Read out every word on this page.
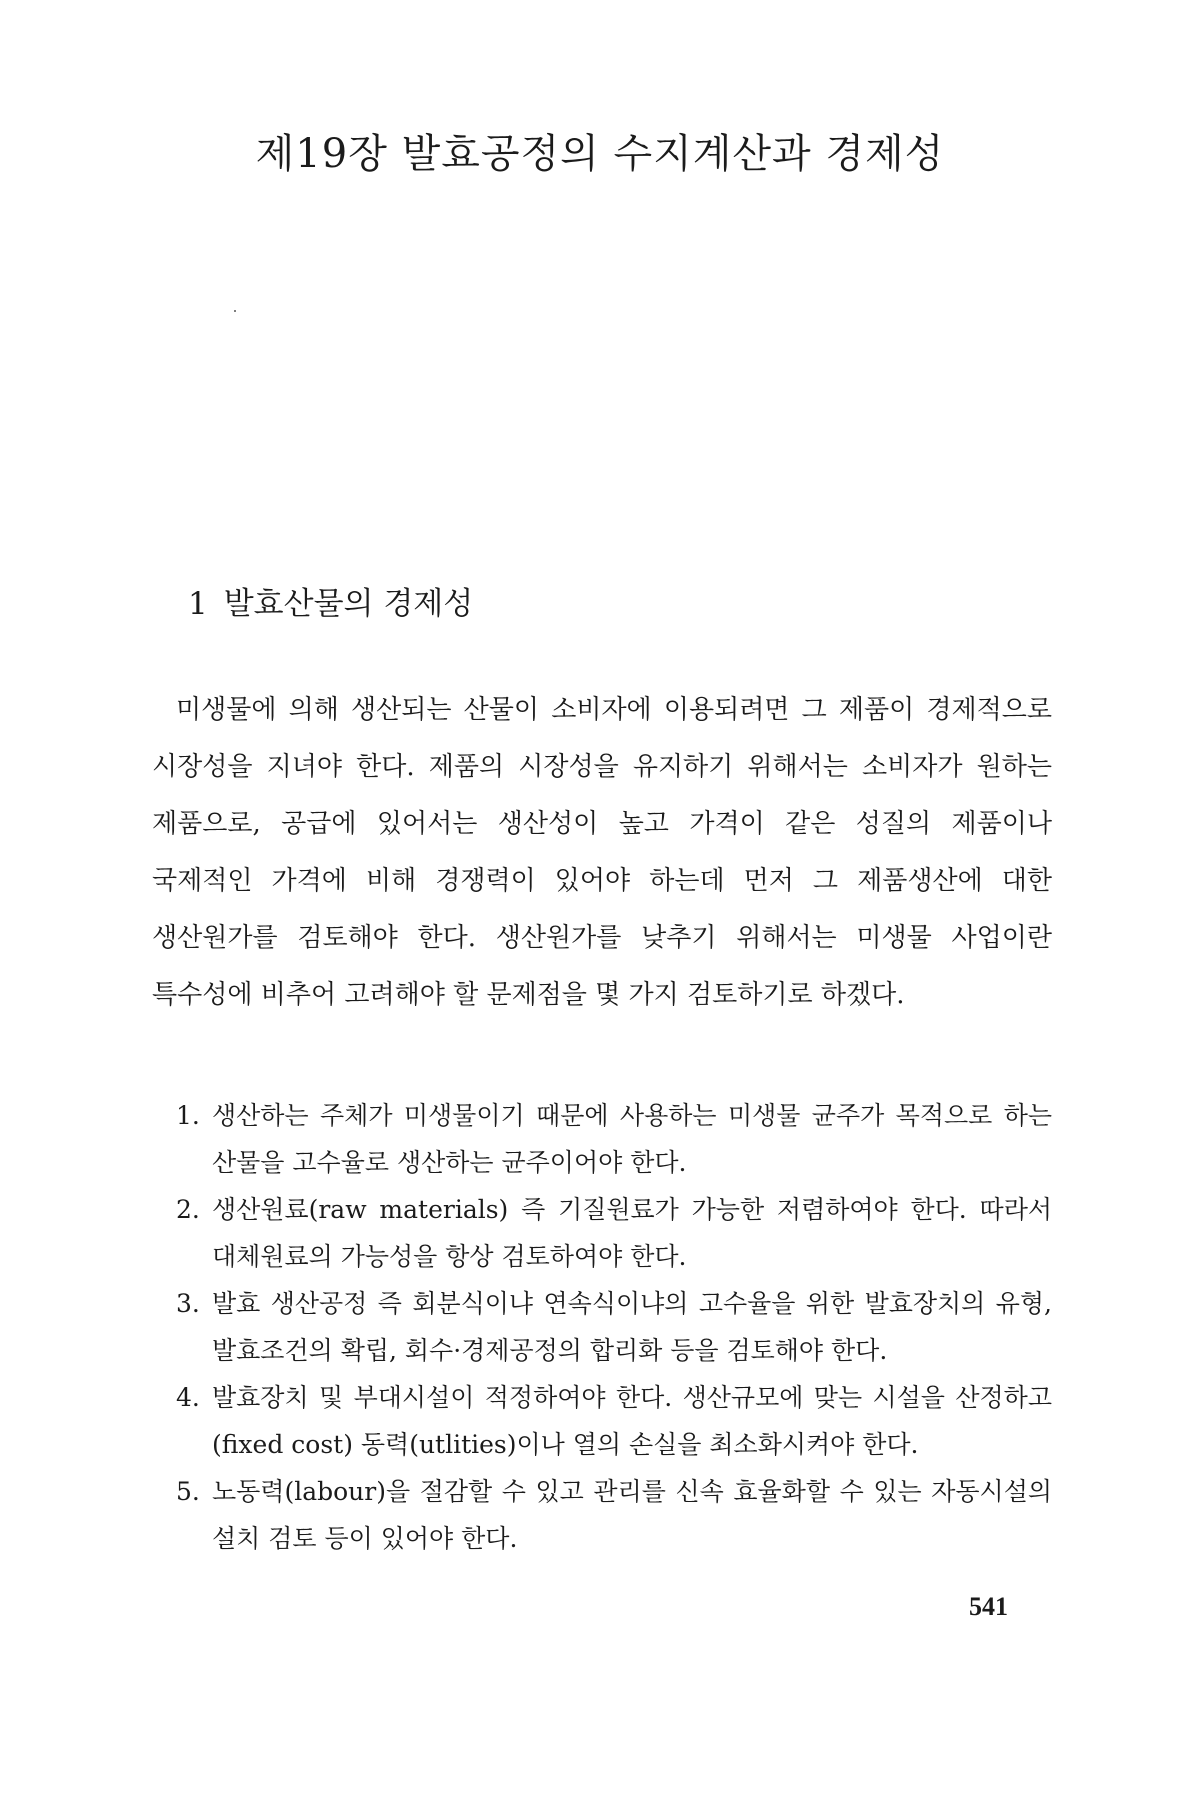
제19장 발효공정의 수지계산과 경제성
1 발효산물의 경제성

미생물에 의해 생산되는 산물이 소비자에 이용되려면 그 제품이 경제적으로 시장성을 지녀야 한다. 제품의 시장성을 유지하기 위해서는 소비자가 원하는 제품으로, 공급에 있어서는 생산성이 높고 가격이 같은 성질의 제품이나 국제적인 가격에 비해 경쟁력이 있어야 하는데 먼저 그 제품생산에 대한 생산원가를 검토해야 한다. 생산원가를 낮추기 위해서는 미생물 사업이란 특수성에 비추어 고려해야 할 문제점을 몇 가지 검토하기로 하겠다.

1. 생산하는 주체가 미생물이기 때문에 사용하는 미생물 균주가 목적으로 하는 산물을 고수율로 생산하는 균주이어야 한다.
2. 생산원료(raw materials) 즉 기질원료가 가능한 저렴하여야 한다. 따라서 대체원료의 가능성을 항상 검토하여야 한다.
3. 발효 생산공정 즉 회분식이냐 연속식이냐의 고수율을 위한 발효장치의 유형, 발효조건의 확립, 회수·경제공정의 합리화 등을 검토해야 한다.
4. 발효장치 및 부대시설이 적정하여야 한다. 생산규모에 맞는 시설을 산정하고(fixed cost) 동력(utlities)이나 열의 손실을 최소화시켜야 한다.
5. 노동력(labour)을 절감할 수 있고 관리를 신속 효율화할 수 있는 자동시설의 설치 검토 등이 있어야 한다.
541
